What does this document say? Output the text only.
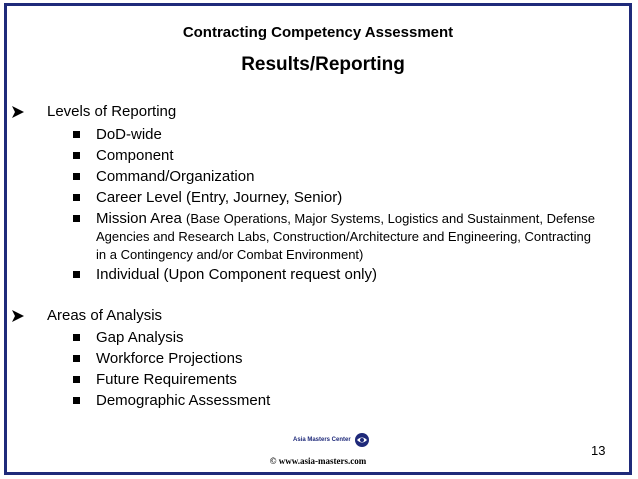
Contracting Competency Assessment
Results/Reporting
Levels of Reporting
DoD-wide
Component
Command/Organization
Career Level (Entry, Journey, Senior)
Mission Area (Base Operations, Major Systems, Logistics and Sustainment, Defense Agencies and Research Labs, Construction/Architecture and Engineering, Contracting in a Contingency and/or Combat Environment)
Individual (Upon Component request only)
Areas of Analysis
Gap Analysis
Workforce Projections
Future Requirements
Demographic Assessment
Asia Masters Center
© www.asia-masters.com
13
